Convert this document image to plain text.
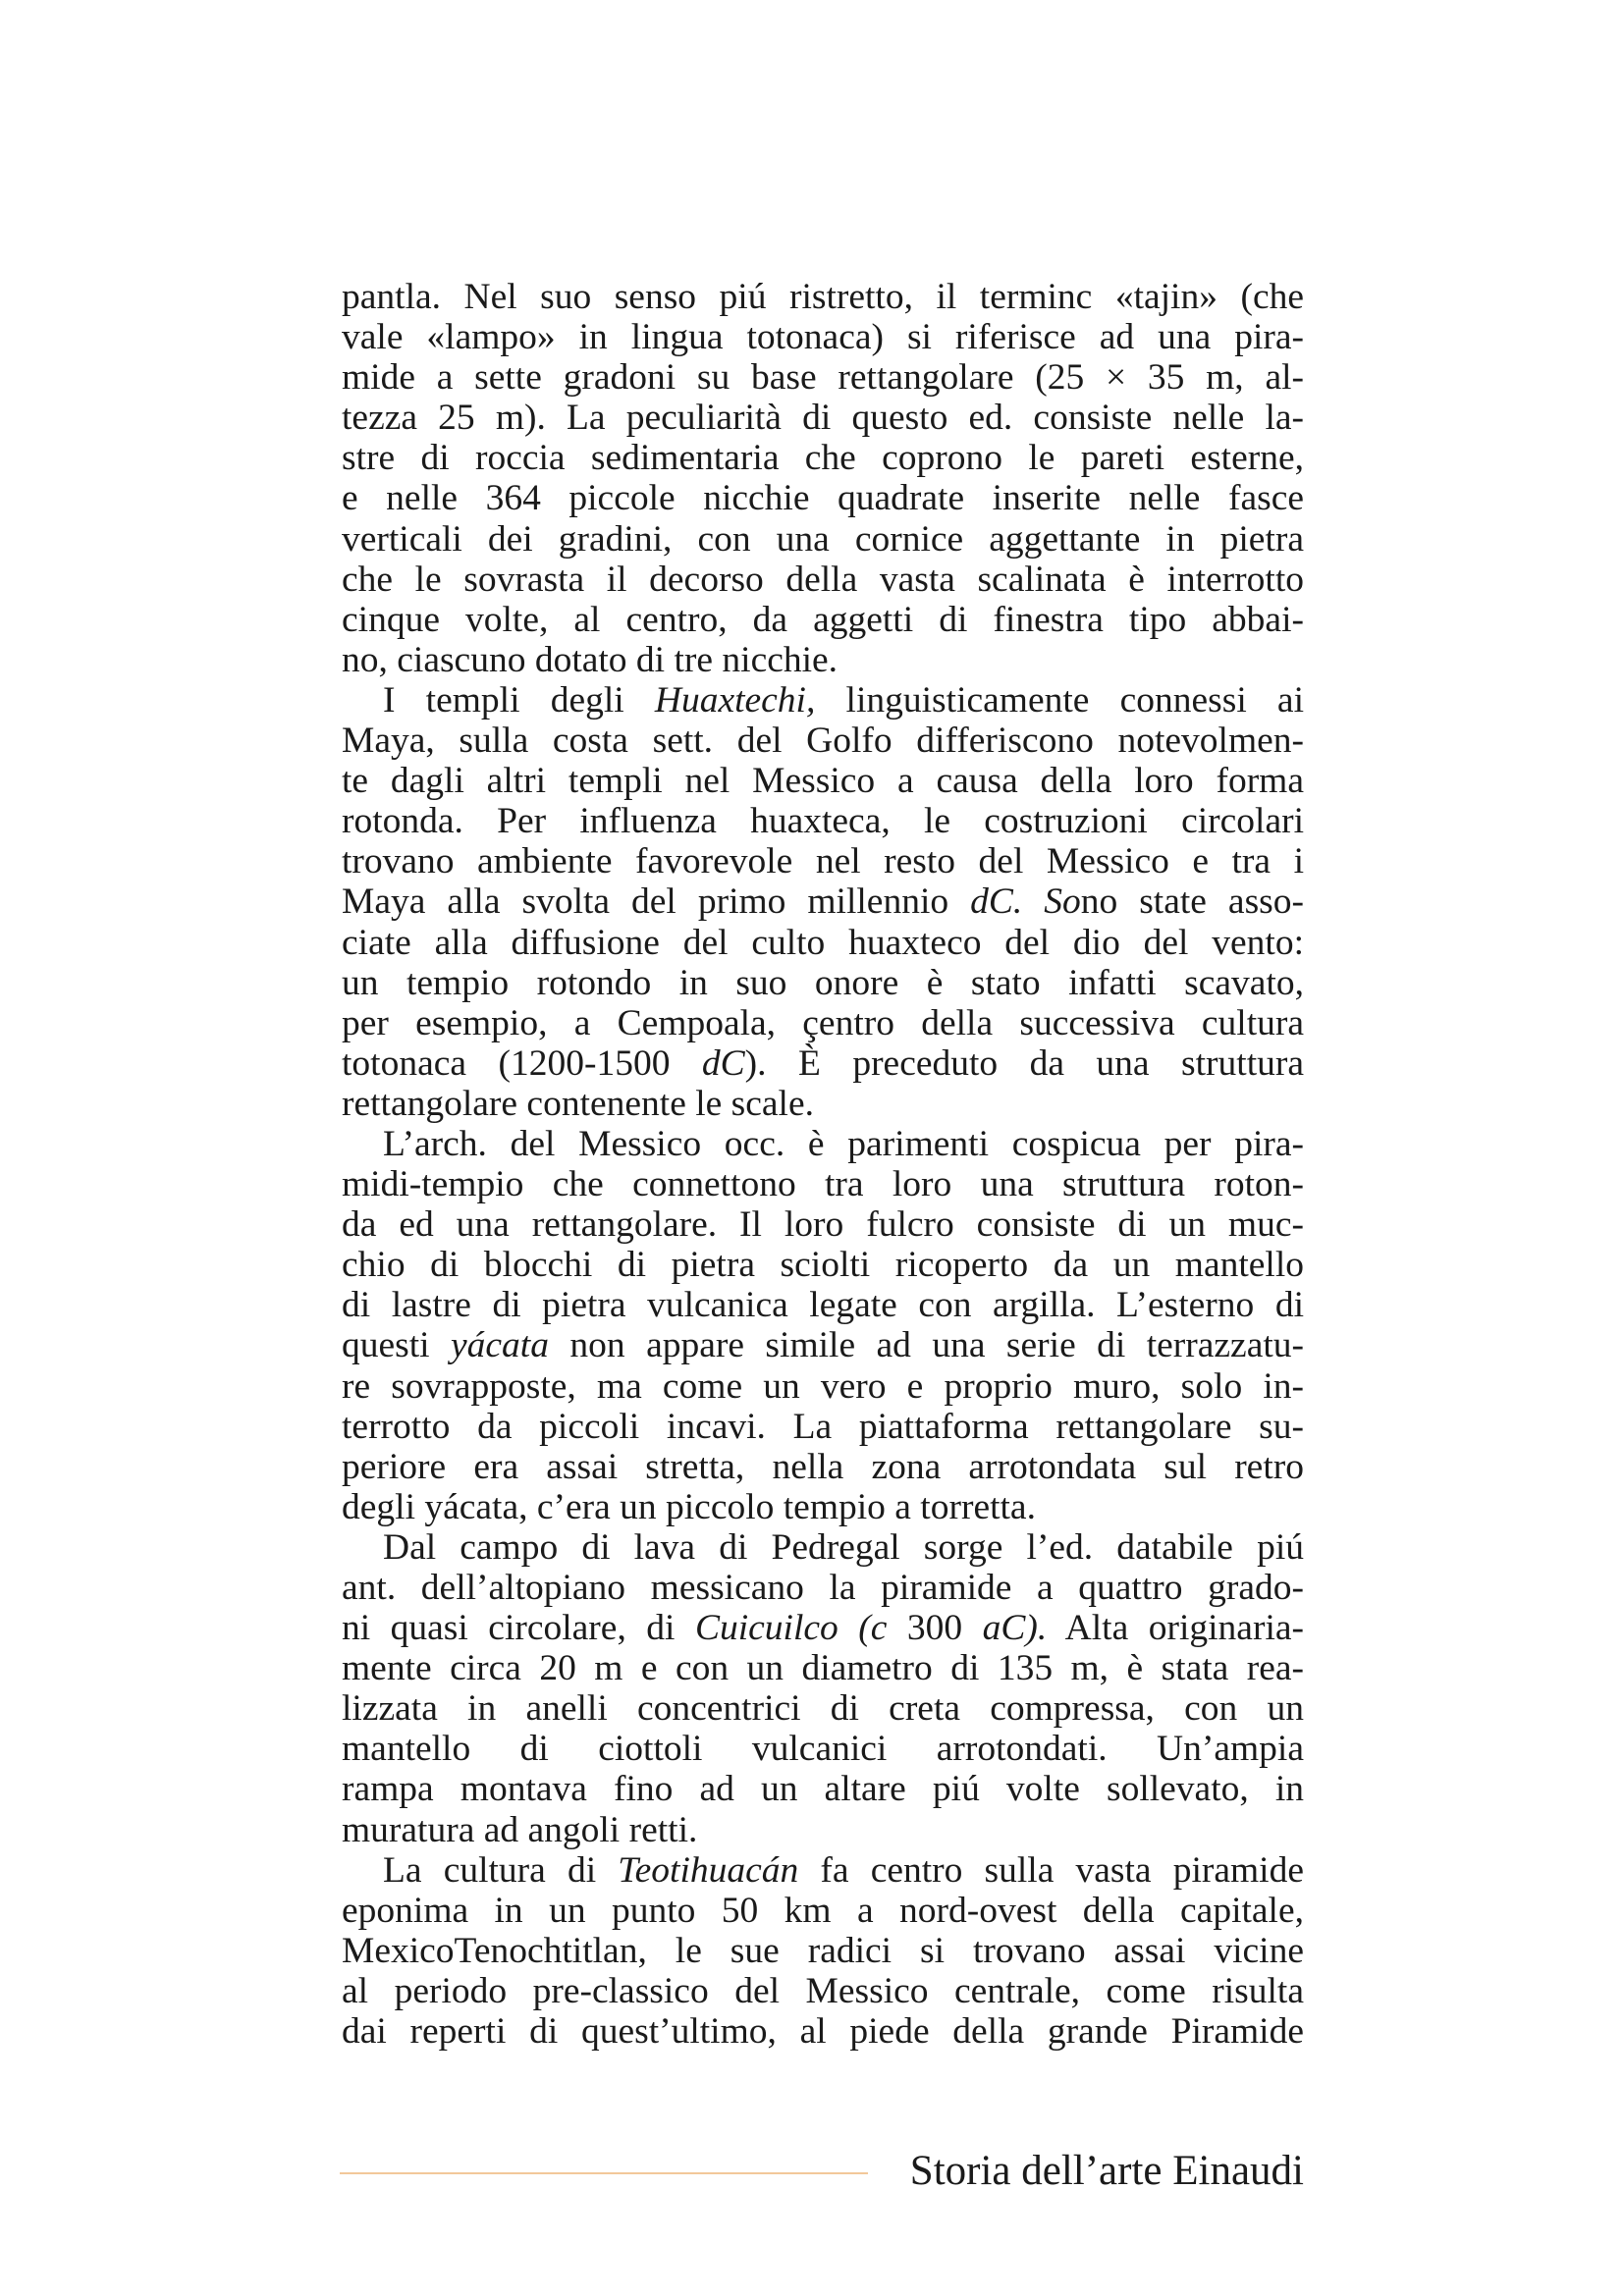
pantla. Nel suo senso piú ristretto, il terminc «tajin» (che
vale «lampo» in lingua totonaca) si riferisce ad una pira-
mide a sette gradoni su base rettangolare (25 × 35 m, al-
tezza 25 m). La peculiarità di questo ed. consiste nelle la-
stre di roccia sedimentaria che coprono le pareti esterne,
e nelle 364 piccole nicchie quadrate inserite nelle fasce
verticali dei gradini, con una cornice aggettante in pietra
che le sovrasta il decorso della vasta scalinata è interrotto
cinque volte, al centro, da aggetti di finestra tipo abbai-
no, ciascuno dotato di tre nicchie.
I templi degli Huaxtechi, linguisticamente connessi ai
Maya, sulla costa sett. del Golfo differiscono notevolmen-
te dagli altri templi nel Messico a causa della loro forma
rotonda. Per influenza huaxteca, le costruzioni circolari
trovano ambiente favorevole nel resto del Messico e tra i
Maya alla svolta del primo millennio dC. Sono state asso-
ciate alla diffusione del culto huaxteco del dio del vento:
un tempio rotondo in suo onore è stato infatti scavato,
per esempio, a Cempoala, çentro della successiva cultura
totonaca (1200-1500 dC). È preceduto da una struttura
rettangolare contenente le scale.
L’arch. del Messico occ. è parimenti cospicua per pira-
midi-tempio che connettono tra loro una struttura roton-
da ed una rettangolare. Il loro fulcro consiste di un muc-
chio di blocchi di pietra sciolti ricoperto da un mantello
di lastre di pietra vulcanica legate con argilla. L’esterno di
questi yácata non appare simile ad una serie di terrazzatu-
re sovrapposte, ma come un vero e proprio muro, solo in-
terrotto da piccoli incavi. La piattaforma rettangolare su-
periore era assai stretta, nella zona arrotondata sul retro
degli yácata, c’era un piccolo tempio a torretta.
Dal campo di lava di Pedregal sorge l’ed. databile piú
ant. dell’altopiano messicano la piramide a quattro grado-
ni quasi circolare, di Cuicuilco (c 300 aC). Alta originaria-
mente circa 20 m e con un diametro di 135 m, è stata rea-
lizzata in anelli concentrici di creta compressa, con un
mantello di ciottoli vulcanici arrotondati. Un’ampia
rampa montava fino ad un altare piú volte sollevato, in
muratura ad angoli retti.
La cultura di Teotihuacán fa centro sulla vasta piramide
eponima in un punto 50 km a nord-ovest della capitale,
MexicoTenochtitlan, le sue radici si trovano assai vicine
al periodo pre-classico del Messico centrale, come risulta
dai reperti di quest’ultimo, al piede della grande Piramide
Storia dell’arte Einaudi
